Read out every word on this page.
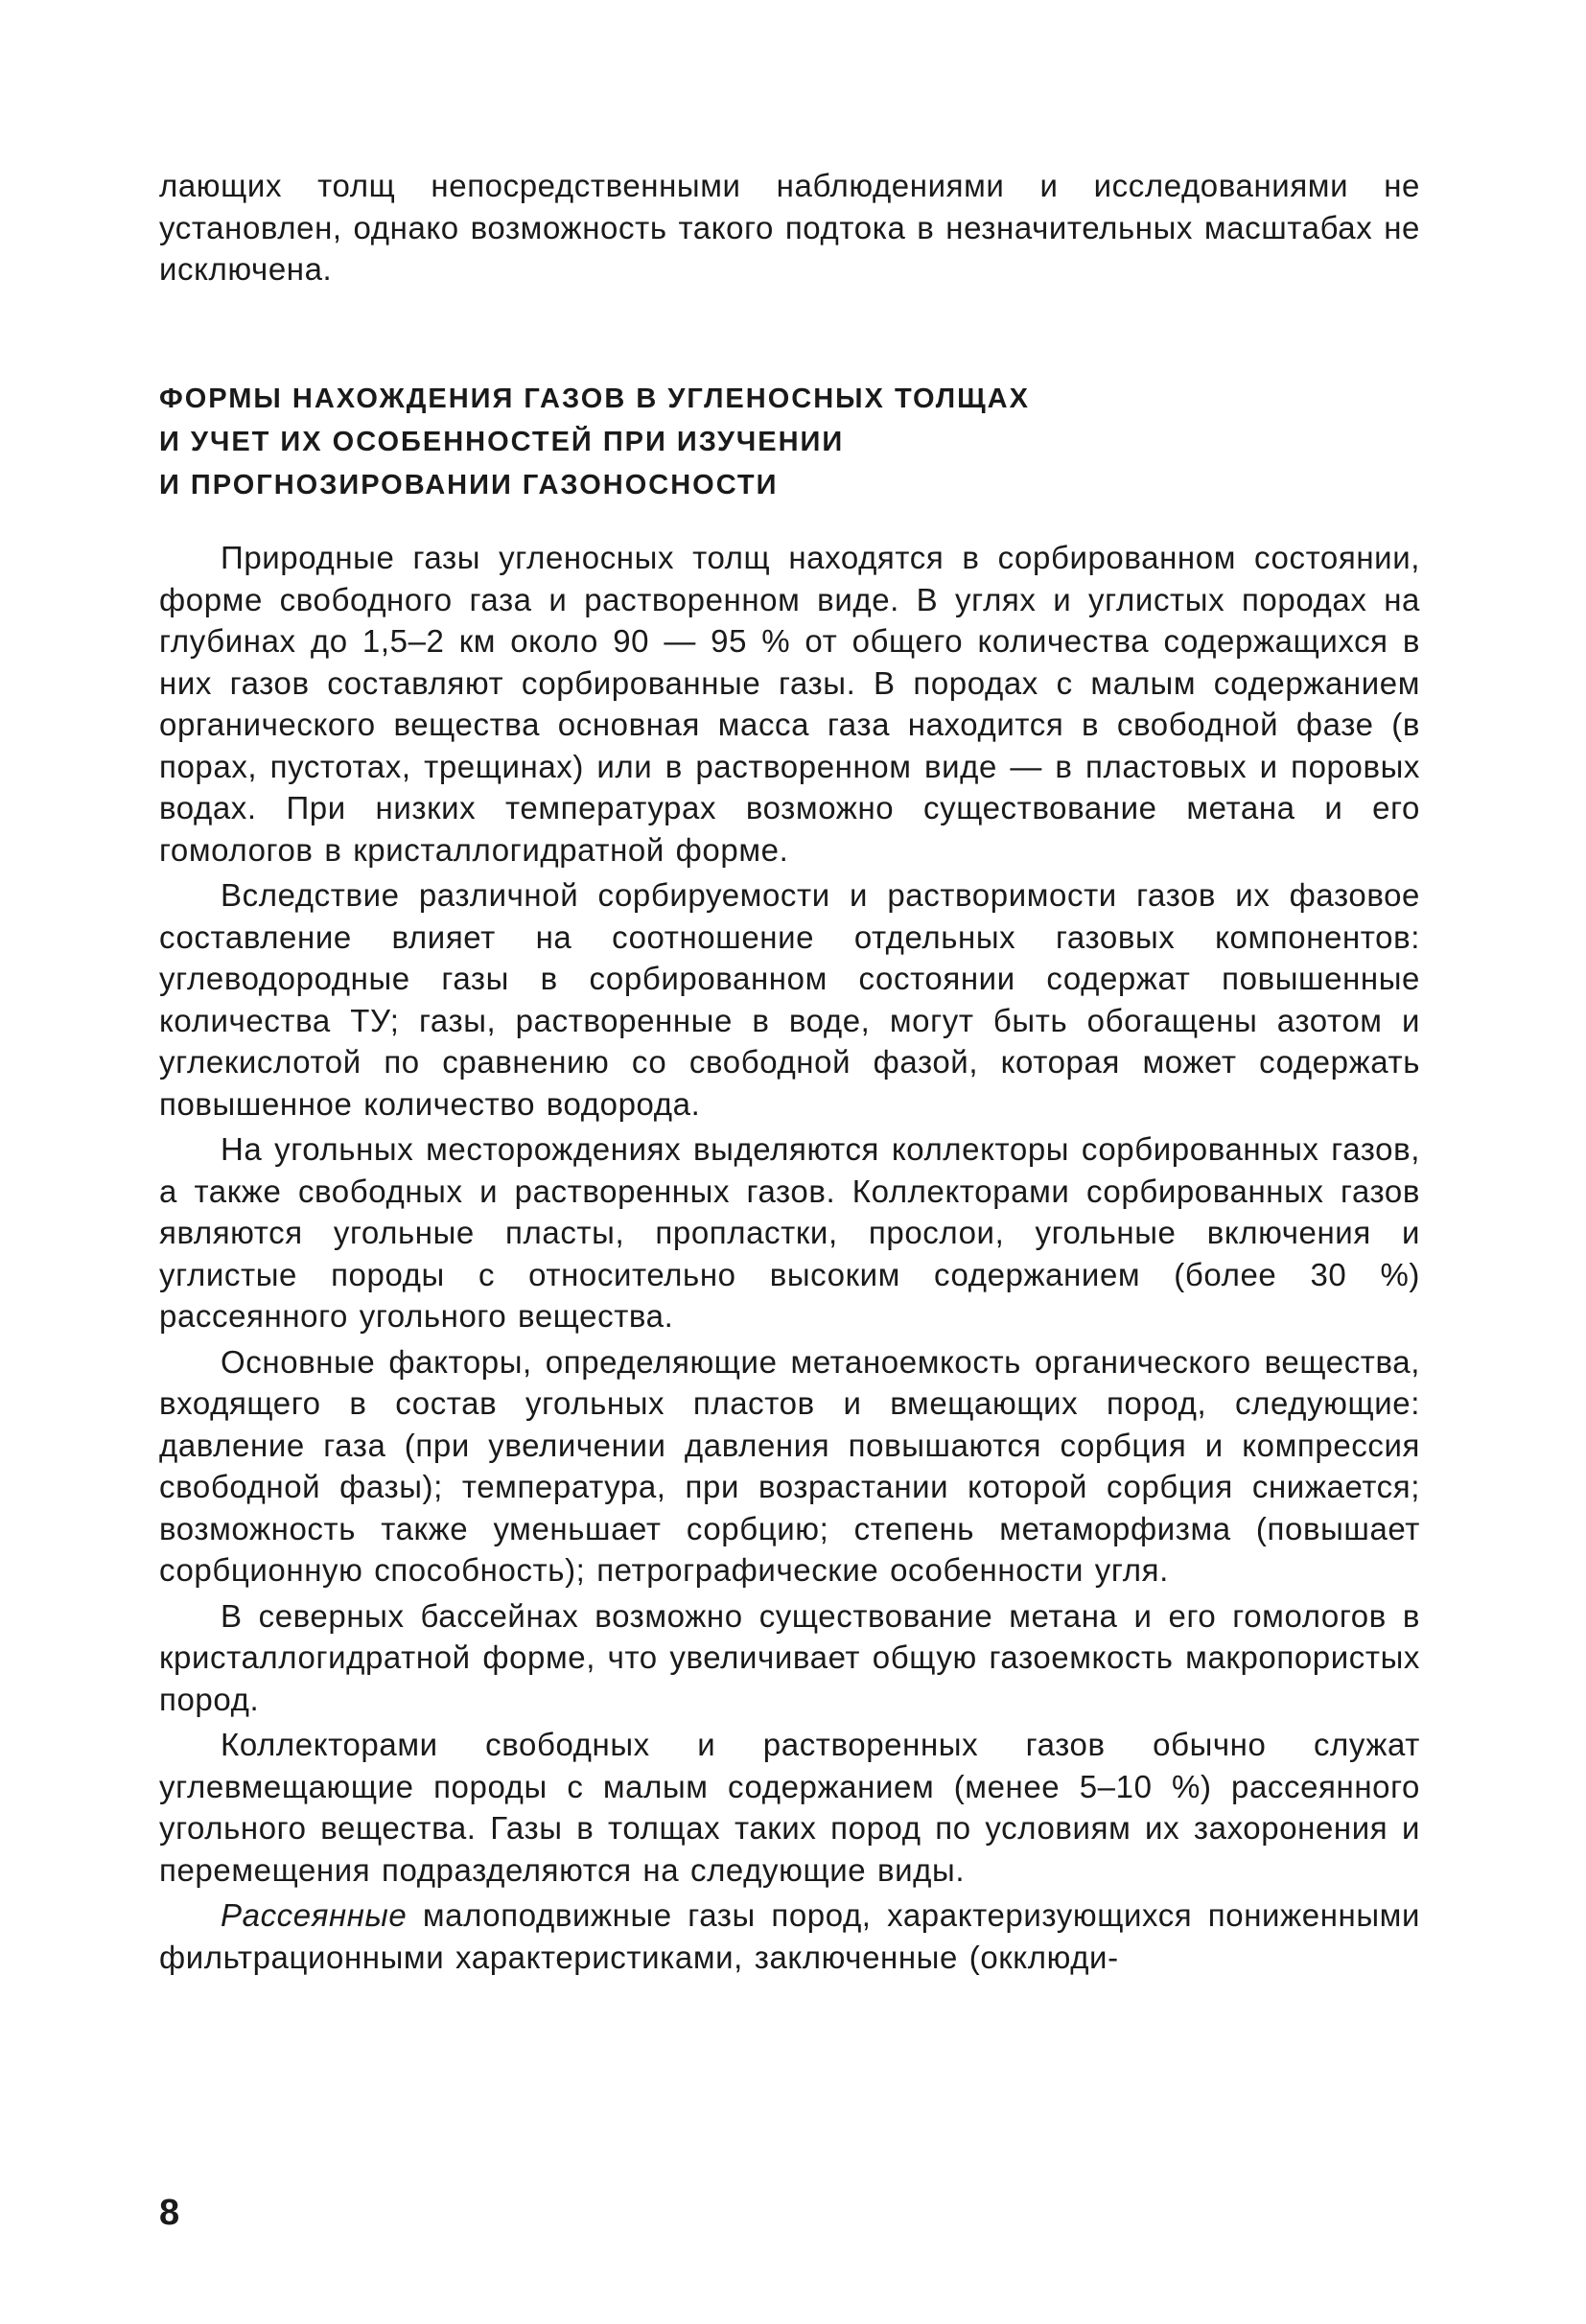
лающих толщ непосредственными наблюдениями и исследованиями не установлен, однако возможность такого подтока в незначительных масштабах не исключена.

ФОРМЫ НАХОЖДЕНИЯ ГАЗОВ В УГЛЕНОСНЫХ ТОЛЩАХ
И УЧЕТ ИХ ОСОБЕННОСТЕЙ ПРИ ИЗУЧЕНИИ
И ПРОГНОЗИРОВАНИИ ГАЗОНОСНОСТИ

Природные газы угленосных толщ находятся в сорбированном состоянии, форме свободного газа и растворенном виде. В углях и углистых породах на глубинах до 1,5–2 км около 90 — 95 % от общего количества содержащихся в них газов составляют сорбированные газы. В породах с малым содержанием органического вещества основная масса газа находится в свободной фазе (в порах, пустотах, трещинах) или в растворенном виде — в пластовых и поровых водах. При низких температурах возможно существование метана и его гомологов в кристаллогидратной форме.

Вследствие различной сорбируемости и растворимости газов их фазовое составление влияет на соотношение отдельных газовых компонентов: углеводородные газы в сорбированном состоянии содержат повышенные количества ТУ; газы, растворенные в воде, могут быть обогащены азотом и углекислотой по сравнению со свободной фазой, которая может содержать повышенное количество водорода.

На угольных месторождениях выделяются коллекторы сорбированных газов, а также свободных и растворенных газов. Коллекторами сорбированных газов являются угольные пласты, пропластки, прослои, угольные включения и углистые породы с относительно высоким содержанием (более 30 %) рассеянного угольного вещества.

Основные факторы, определяющие метаноемкость органического вещества, входящего в состав угольных пластов и вмещающих пород, следующие: давление газа (при увеличении давления повышаются сорбция и компрессия свободной фазы); температура, при возрастании которой сорбция снижается; возможность также уменьшает сорбцию; степень метаморфизма (повышает сорбционную способность); петрографические особенности угля.

В северных бассейнах возможно существование метана и его гомологов в кристаллогидратной форме, что увеличивает общую газоемкость макропористых пород.

Коллекторами свободных и растворенных газов обычно служат углевмещающие породы с малым содержанием (менее 5–10 %) рассеянного угольного вещества. Газы в толщах таких пород по условиям их захоронения и перемещения подразделяются на следующие виды.

Рассеянные малоподвижные газы пород, характеризующихся пониженными фильтрационными характеристиками, заключенные (окклюди-

8
